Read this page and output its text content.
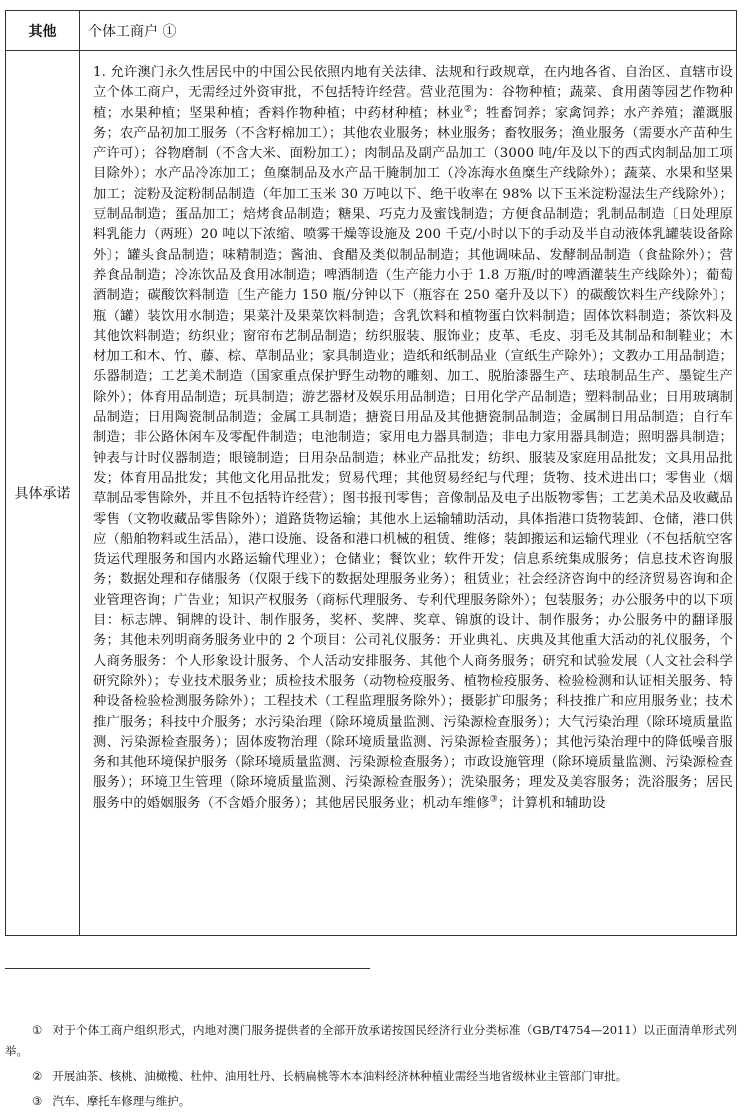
其他	个体工商户 ①
具体承诺
1. 允许澳门永久性居民中的中国公民依照内地有关法律、法规和行政规章，在内地各省、自治区、直辖市设立个体工商户，无需经过外资审批，不包括特许经营。营业范围为：谷物种植；蔬菜、食用菌等园艺作物种植；水果种植；坚果种植；香料作物种植；中药材种植；林业②；牲畜饲养；家禽饲养；水产养殖；灌溉服务；农产品初加工服务（不含籽棉加工）；其他农业服务；林业服务；畜牧服务；渔业服务（需要水产苗种生产许可）；谷物磨制（不含大米、面粉加工）；肉制品及副产品加工（3000 吨/年及以下的西式肉制品加工项目除外）；水产品冷冻加工；鱼糜制品及水产品干腌制加工（冷冻海水鱼糜生产线除外）；蔬菜、水果和坚果加工；淀粉及淀粉制品制造（年加工玉米 30 万吨以下、绝干收率在 98% 以下玉米淀粉湿法生产线除外）；豆制品制造；蛋品加工；焙烤食品制造；糖果、巧克力及蜜饯制造；方便食品制造；乳制品制造〔日处理原料乳能力（两班）20 吨以下浓缩、喷雾干燥等设施及 200 千克/小时以下的手动及半自动液体乳罐装设备除外〕；罐头食品制造；味精制造；酱油、食醋及类似制品制造；其他调味品、发酵制品制造（食盐除外）；营养食品制造；冷冻饮品及食用冰制造；啤酒制造（生产能力小于 1.8 万瓶/时的啤酒灌装生产线除外）；葡萄酒制造；碳酸饮料制造〔生产能力 150 瓶/分钟以下（瓶容在 250 毫升及以下）的碳酸饮料生产线除外〕；瓶（罐）装饮用水制造；果菜汁及果菜饮料制造；含乳饮料和植物蛋白饮料制造；固体饮料制造；茶饮料及其他饮料制造；纺织业；窗帘布艺制品制造；纺织服装、服饰业；皮革、毛皮、羽毛及其制品和制鞋业；木材加工和木、竹、藤、棕、草制品业；家具制造业；造纸和纸制品业（宣纸生产除外）；文教办工用品制造；乐器制造；工艺美术制造（国家重点保护野生动物的雕刻、加工、脱胎漆器生产、珐琅制品生产、墨锭生产除外）；体育用品制造；玩具制造；游艺器材及娱乐用品制造；日用化学产品制造；塑料制品业；日用玻璃制品制造；日用陶瓷制品制造；金属工具制造；搪瓷日用品及其他搪瓷制品制造；金属制日用品制造；自行车制造；非公路休闲车及零配件制造；电池制造；家用电力器具制造；非电力家用器具制造；照明器具制造；钟表与计时仪器制造；眼镜制造；日用杂品制造；林业产品批发；纺织、服装及家庭用品批发；文具用品批发；体育用品批发；其他文化用品批发；贸易代理；其他贸易经纪与代理；货物、技术进出口；零售业（烟草制品零售除外，并且不包括特许经营）；图书报刊零售；音像制品及电子出版物零售；工艺美术品及收藏品零售（文物收藏品零售除外）；道路货物运输；其他水上运输辅助活动，具体指港口货物装卸、仓储，港口供应（船舶物料或生活品），港口设施、设备和港口机械的租赁、维修；装卸搬运和运输代理业（不包括航空客货运代理服务和国内水路运输代理业）；仓储业；餐饮业；软件开发；信息系统集成服务；信息技术咨询服务；数据处理和存储服务（仅限于线下的数据处理服务业务）；租赁业；社会经济咨询中的经济贸易咨询和企业管理咨询；广告业；知识产权服务（商标代理服务、专利代理服务除外）；包装服务；办公服务中的以下项目：标志牌、铜牌的设计、制作服务，奖杯、奖牌、奖章、锦旗的设计、制作服务；办公服务中的翻译服务；其他未列明商务服务业中的 2 个项目：公司礼仪服务：开业典礼、庆典及其他重大活动的礼仪服务，个人商务服务：个人形象设计服务、个人活动安排服务、其他个人商务服务；研究和试验发展（人文社会科学研究除外）；专业技术服务业；质检技术服务（动物检疫服务、植物检疫服务、检验检测和认证相关服务、特种设备检验检测服务除外）；工程技术（工程监理服务除外）；摄影扩印服务；科技推广和应用服务业；技术推广服务；科技中介服务；水污染治理（除环境质量监测、污染源检查服务）；大气污染治理（除环境质量监测、污染源检查服务）；固体废物治理（除环境质量监测、污染源检查服务）；其他污染治理中的降低噪音服务和其他环境保护服务（除环境质量监测、污染源检查服务）；市政设施管理（除环境质量监测、污染源检查服务）；环境卫生管理（除环境质量监测、污染源检查服务）；洗染服务；理发及美容服务；洗浴服务；居民服务中的婚姻服务（不含婚介服务）；其他居民服务业；机动车维修③；计算机和辅助设

① 对于个体工商户组织形式，内地对澳门服务提供者的全部开放承诺按国民经济行业分类标准（GB/T4754—2011）以正面清单形式列举。

② 开展油茶、核桃、油橄榄、杜仲、油用牡丹、长柄扁桃等木本油料经济林种植业需经当地省级林业主管部门审批。

③ 汽车、摩托车修理与维护。
